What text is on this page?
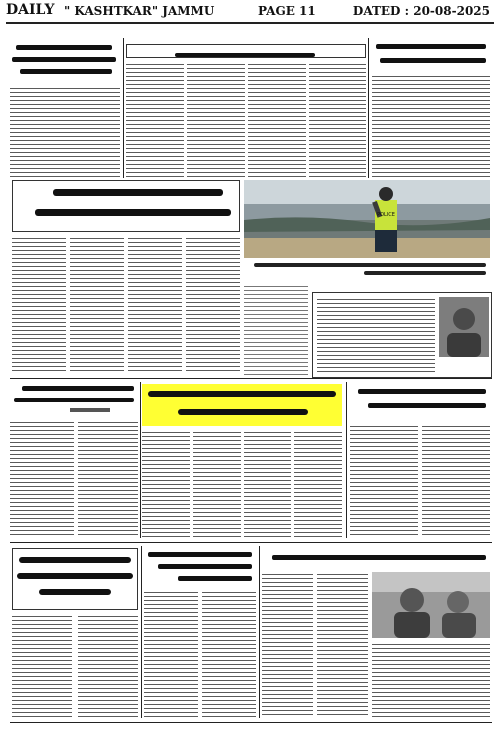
DAILY " KASHTKAR" JAMMU	PAGE 11	DATED : 20-08-2025
POLICE
